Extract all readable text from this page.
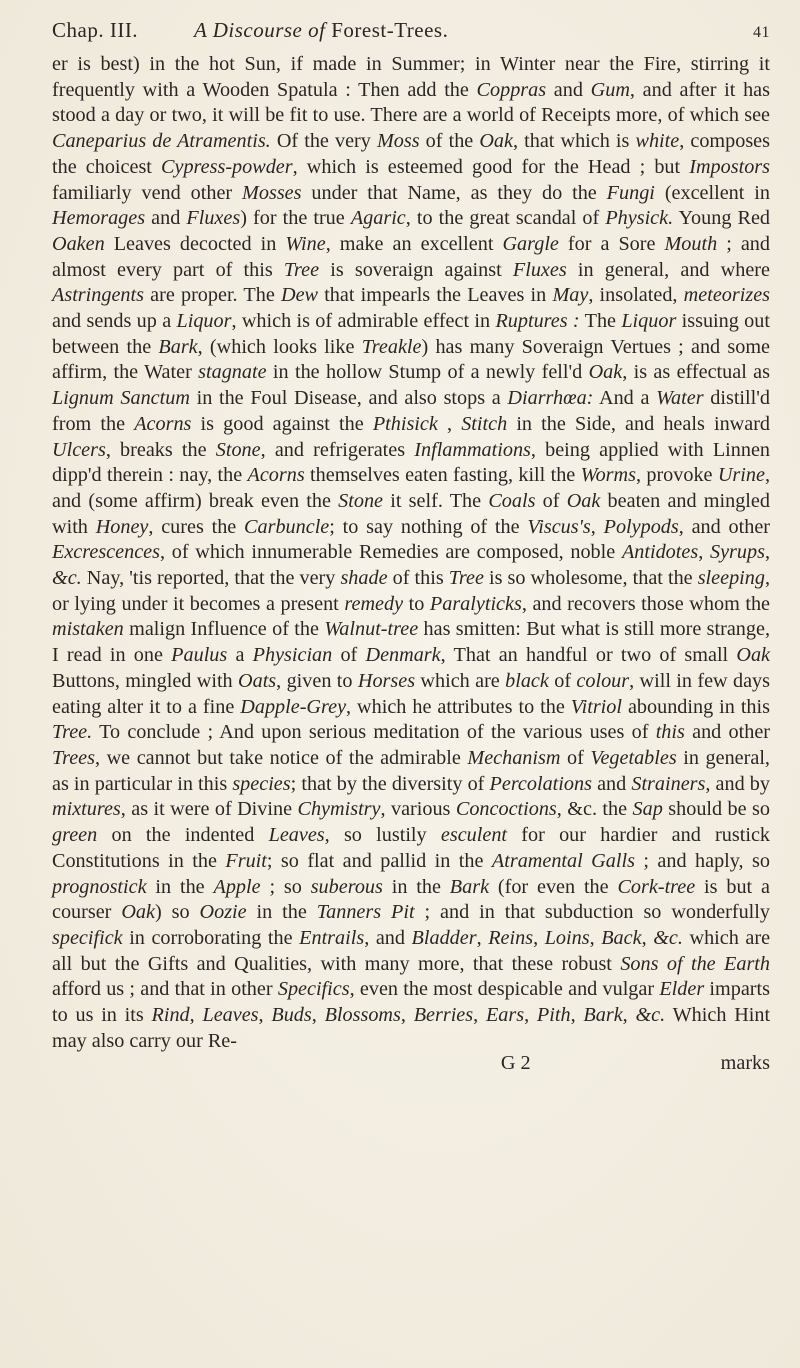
Chap. III.	A Discourse of Forest-Trees.	41
er is best) in the hot Sun, if made in Summer; in Winter near the Fire, stirring it frequently with a Wooden Spatula : Then add the Coppras and Gum, and after it has stood a day or two, it will be fit to use. There are a world of Receipts more, of which see Caneparius de Atramentis. Of the very Moss of the Oak, that which is white, composes the choicest Cypress-powder, which is esteemed good for the Head ; but Impostors familiarly vend other Mosses under that Name, as they do the Fungi (excellent in Hemorages and Fluxes) for the true Agaric, to the great scandal of Physick. Young Red Oaken Leaves decocted in Wine, make an excellent Gargle for a Sore Mouth ; and almost every part of this Tree is soveraign against Fluxes in general, and where Astringents are proper. The Dew that impearls the Leaves in May, insolated, meteorizes and sends up a Liquor, which is of admirable effect in Ruptures : The Liquor issuing out between the Bark, (which looks like Treakle) has many Soveraign Vertues ; and some affirm, the Water stagnate in the hollow Stump of a newly fell'd Oak, is as effectual as Lignum Sanctum in the Foul Disease, and also stops a Diarrhœa: And a Water distill'd from the Acorns is good against the Pthisick , Stitch in the Side, and heals inward Ulcers, breaks the Stone, and refrigerates Inflammations, being applied with Linnen dipp'd therein : nay, the Acorns themselves eaten fasting, kill the Worms, provoke Urine, and (some affirm) break even the Stone it self. The Coals of Oak beaten and mingled with Honey, cures the Carbuncle; to say nothing of the Viscus's, Polypods, and other Excrescences, of which innumerable Remedies are composed, noble Antidotes, Syrups, &c. Nay, 'tis reported, that the very shade of this Tree is so wholesome, that the sleeping, or lying under it becomes a present remedy to Paralyticks, and recovers those whom the mistaken malign Influence of the Walnut-tree has smitten: But what is still more strange, I read in one Paulus a Physician of Denmark, That an handful or two of small Oak Buttons, mingled with Oats, given to Horses which are black of colour, will in few days eating alter it to a fine Dapple-Grey, which he attributes to the Vitriol abounding in this Tree. To conclude ; And upon serious meditation of the various uses of this and other Trees, we cannot but take notice of the admirable Mechanism of Vegetables in general, as in particular in this species; that by the diversity of Percolations and Strainers, and by mixtures, as it were of Divine Chymistry, various Concoctions, &c. the Sap should be so green on the indented Leaves, so lustily esculent for our hardier and rustick Constitutions in the Fruit; so flat and pallid in the Atramental Galls ; and haply, so prognostick in the Apple ; so suberous in the Bark (for even the Cork-tree is but a courser Oak) so Oozie in the Tanners Pit ; and in that subduction so wonderfully specifick in corroborating the Entrails, and Bladder, Reins, Loins, Back, &c. which are all but the Gifts and Qualities, with many more, that these robust Sons of the Earth afford us ; and that in other Specifics, even the most despicable and vulgar Elder imparts to us in its Rind, Leaves, Buds, Blossoms, Berries, Ears, Pith, Bark, &c. Which Hint may also carry our Re-
G 2	marks
